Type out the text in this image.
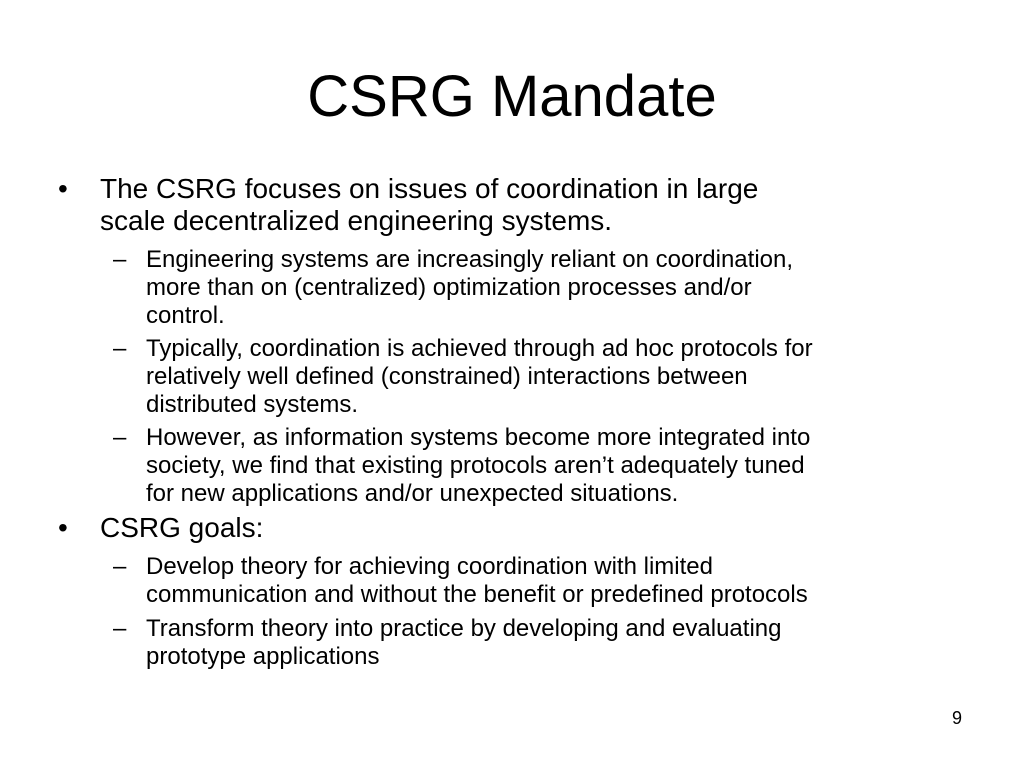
CSRG Mandate
• The CSRG focuses on issues of coordination in large
scale decentralized engineering systems.
– Engineering systems are increasingly reliant on coordination,
more than on (centralized) optimization processes and/or
control.
– Typically, coordination is achieved through ad hoc protocols for
relatively well defined (constrained) interactions between
distributed systems.
– However, as information systems become more integrated into
society, we find that existing protocols aren’t adequately tuned
for new applications and/or unexpected situations.
• CSRG goals:
– Develop theory for achieving coordination with limited
communication and without the benefit or predefined protocols
– Transform theory into practice by developing and evaluating
prototype applications
9
